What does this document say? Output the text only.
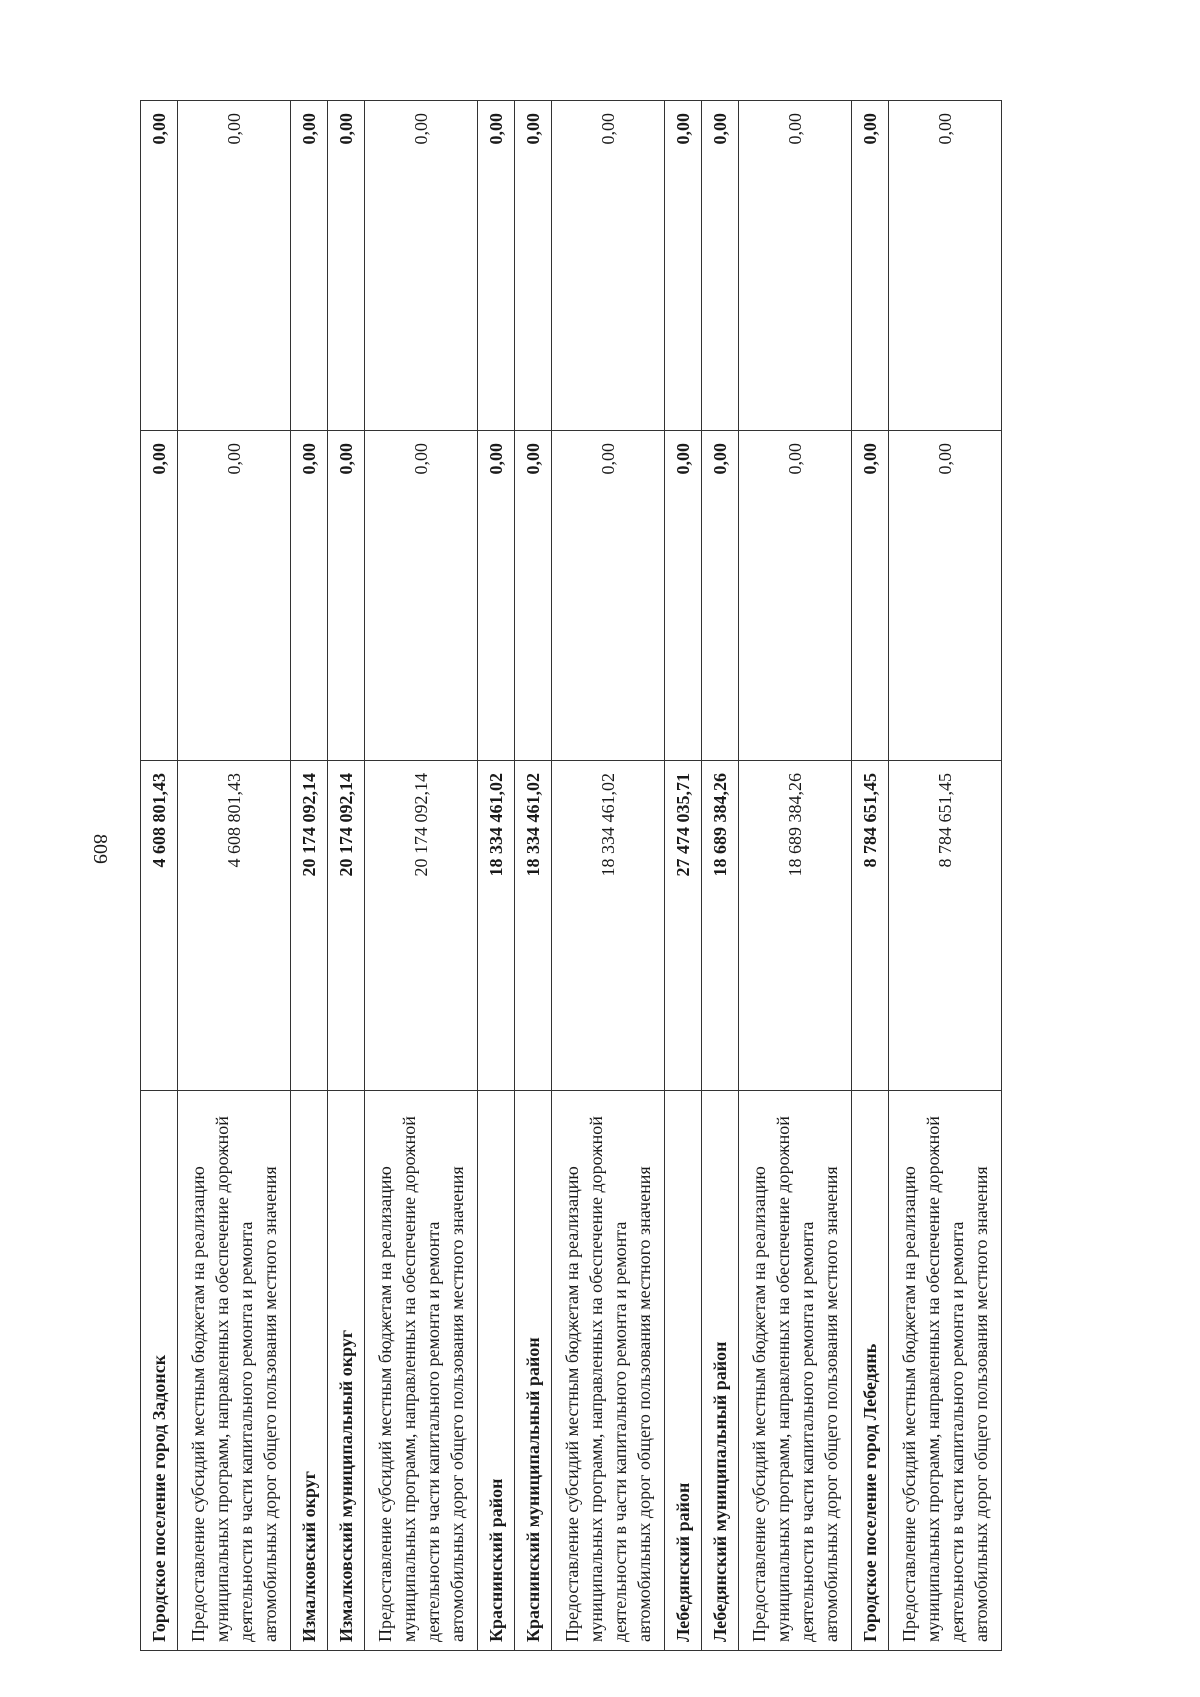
809
Городское поселение город Задонск	4 608 801,43	0,00	0,00
Предоставление субсидий местным бюджетам на реализацию муниципальных программ, направленных на обеспечение дорожной деятельности в части капитального ремонта и ремонта автомобильных дорог общего пользования местного значения	4 608 801,43	0,00	0,00
Измалковский округ	20 174 092,14	0,00	0,00
Измалковский муниципальный округ	20 174 092,14	0,00	0,00
Предоставление субсидий местным бюджетам на реализацию муниципальных программ, направленных на обеспечение дорожной деятельности в части капитального ремонта и ремонта автомобильных дорог общего пользования местного значения	20 174 092,14	0,00	0,00
Краснинский район	18 334 461,02	0,00	0,00
Краснинский муниципальный район	18 334 461,02	0,00	0,00
Предоставление субсидий местным бюджетам на реализацию муниципальных программ, направленных на обеспечение дорожной деятельности в части капитального ремонта и ремонта автомобильных дорог общего пользования местного значения	18 334 461,02	0,00	0,00
Лебедянский район	27 474 035,71	0,00	0,00
Лебедянский муниципальный район	18 689 384,26	0,00	0,00
Предоставление субсидий местным бюджетам на реализацию муниципальных программ, направленных на обеспечение дорожной деятельности в части капитального ремонта и ремонта автомобильных дорог общего пользования местного значения	18 689 384,26	0,00	0,00
Городское поселение город Лебедянь	8 784 651,45	0,00	0,00
Предоставление субсидий местным бюджетам на реализацию муниципальных программ, направленных на обеспечение дорожной деятельности в части капитального ремонта и ремонта автомобильных дорог общего пользования местного значения	8 784 651,45	0,00	0,00
